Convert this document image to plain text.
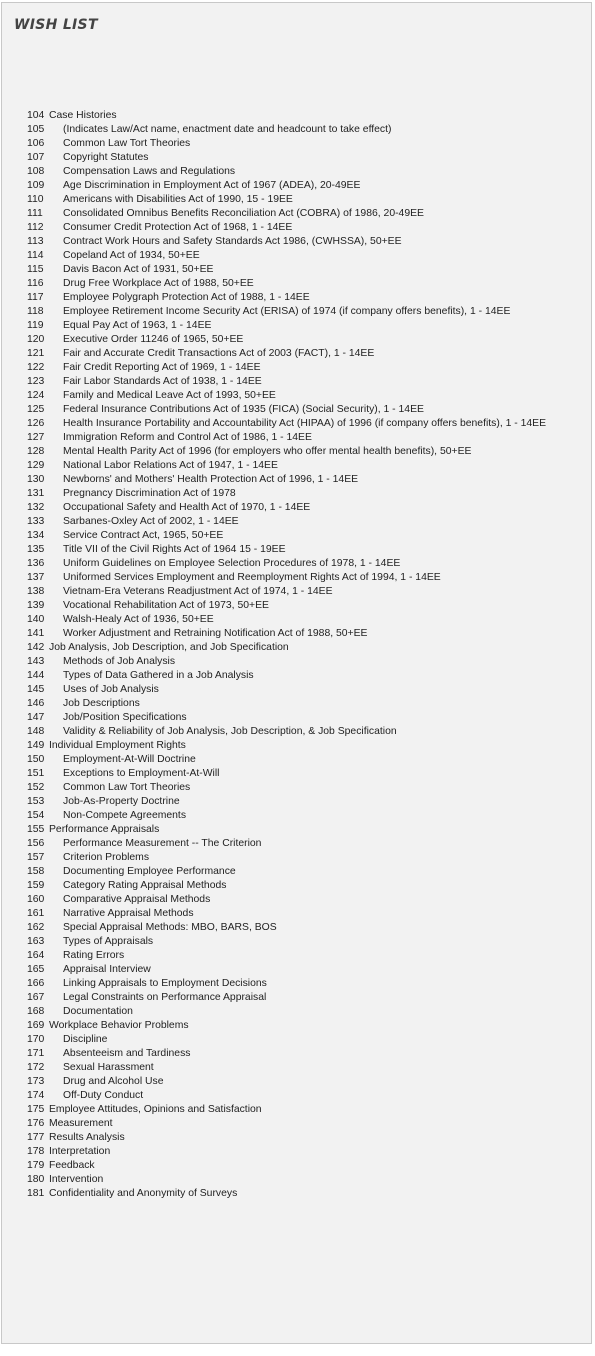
WISH LIST
104 Case Histories
105	(Indicates Law/Act name, enactment date and headcount to take effect)
106	Common Law Tort Theories
107	Copyright Statutes
108	Compensation Laws and Regulations
109	Age Discrimination in Employment Act of 1967 (ADEA), 20-49EE
110	Americans with Disabilities Act of 1990, 15 - 19EE
111	Consolidated Omnibus Benefits Reconciliation Act (COBRA) of 1986, 20-49EE
112	Consumer Credit Protection Act of 1968, 1 - 14EE
113	Contract Work Hours and Safety Standards Act 1986, (CWHSSA), 50+EE
114	Copeland Act of 1934, 50+EE
115	Davis Bacon Act of 1931, 50+EE
116	Drug Free Workplace Act of 1988, 50+EE
117	Employee Polygraph Protection Act of 1988, 1 - 14EE
118	Employee Retirement Income Security Act (ERISA) of 1974 (if company offers benefits), 1 - 14EE
119	Equal Pay Act of 1963, 1 - 14EE
120	Executive Order 11246 of 1965, 50+EE
121	Fair and Accurate Credit Transactions Act of 2003 (FACT), 1 - 14EE
122	Fair Credit Reporting Act of 1969, 1 - 14EE
123	Fair Labor Standards Act of 1938, 1 - 14EE
124	Family and Medical Leave Act of 1993, 50+EE
125	Federal Insurance Contributions Act of 1935 (FICA) (Social Security), 1 - 14EE
126	Health Insurance Portability and Accountability Act (HIPAA) of 1996 (if company offers benefits), 1 - 14EE
127	Immigration Reform and Control Act of 1986, 1 - 14EE
128	Mental Health Parity Act of 1996 (for employers who offer mental health benefits), 50+EE
129	National Labor Relations Act of 1947, 1 - 14EE
130	Newborns' and Mothers' Health Protection Act of 1996, 1 - 14EE
131	Pregnancy Discrimination Act of 1978
132	Occupational Safety and Health Act of 1970, 1 - 14EE
133	Sarbanes-Oxley Act of 2002, 1 - 14EE
134	Service Contract Act, 1965, 50+EE
135	Title VII of the Civil Rights Act of 1964 15 - 19EE
136	Uniform Guidelines on Employee Selection Procedures of 1978, 1 - 14EE
137	Uniformed Services Employment and Reemployment Rights Act of 1994, 1 - 14EE
138	Vietnam-Era Veterans Readjustment Act of 1974, 1 - 14EE
139	Vocational Rehabilitation Act of 1973, 50+EE
140	Walsh-Healy Act of 1936, 50+EE
141	Worker Adjustment and Retraining Notification Act of 1988, 50+EE
142 Job Analysis, Job Description, and Job Specification
143	Methods of Job Analysis
144	Types of Data Gathered in a Job Analysis
145	Uses of Job Analysis
146	Job Descriptions
147	Job/Position Specifications
148	Validity & Reliability of Job Analysis, Job Description, & Job Specification
149 Individual Employment Rights
150	Employment-At-Will Doctrine
151	Exceptions to Employment-At-Will
152	Common Law Tort Theories
153	Job-As-Property Doctrine
154	Non-Compete Agreements
155 Performance Appraisals
156	Performance Measurement -- The Criterion
157	Criterion Problems
158	Documenting Employee Performance
159	Category Rating Appraisal Methods
160	Comparative Appraisal Methods
161	Narrative Appraisal Methods
162	Special Appraisal Methods: MBO, BARS, BOS
163	Types of Appraisals
164	Rating Errors
165	Appraisal Interview
166	Linking Appraisals to Employment Decisions
167	Legal Constraints on Performance Appraisal
168	Documentation
169 Workplace Behavior Problems
170	Discipline
171	Absenteeism and Tardiness
172	Sexual Harassment
173	Drug and Alcohol Use
174	Off-Duty Conduct
175 Employee Attitudes, Opinions and Satisfaction
176 Measurement
177 Results Analysis
178 Interpretation
179 Feedback
180 Intervention
181 Confidentiality and Anonymity of Surveys
